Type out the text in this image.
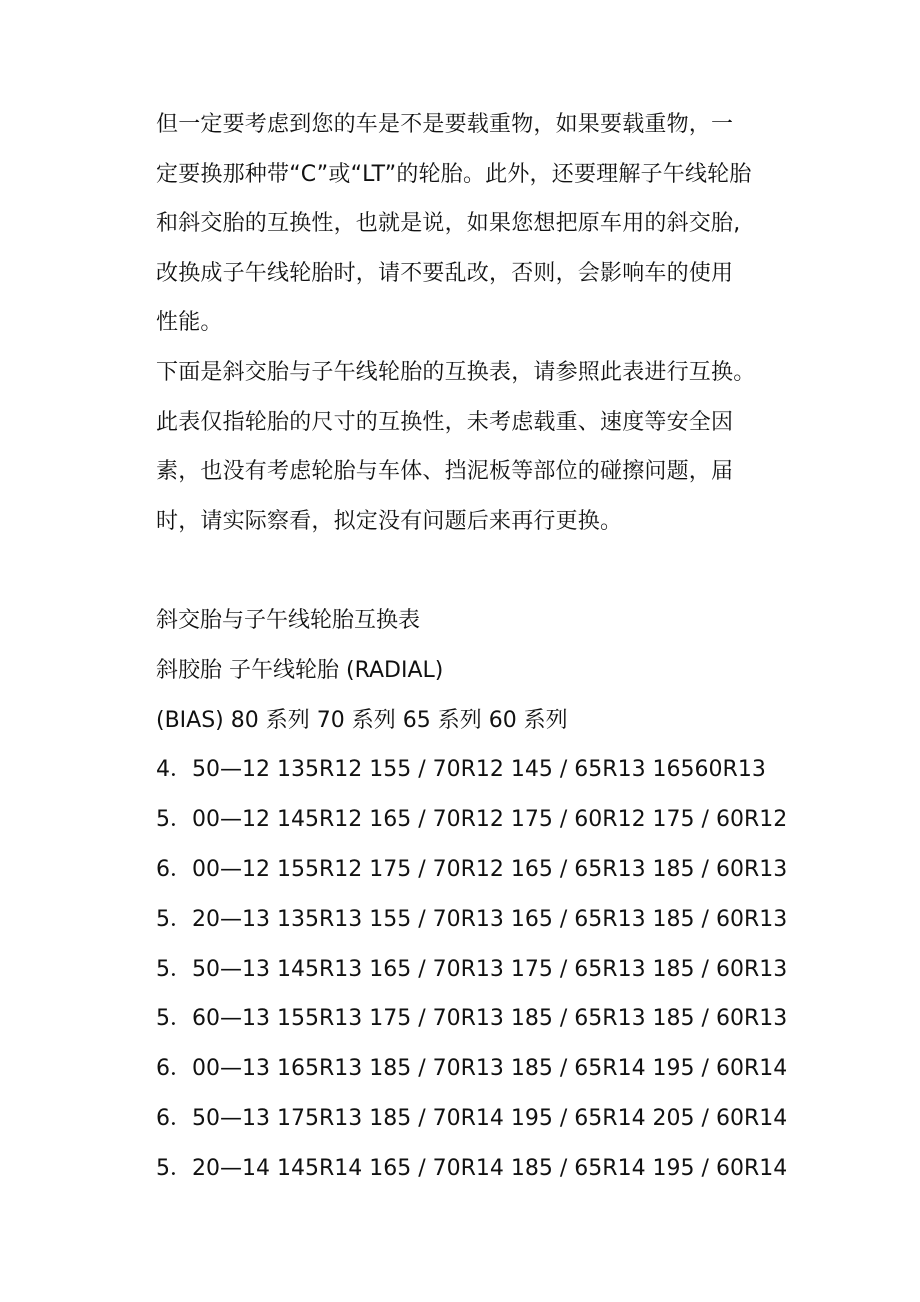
但一定要考虑到您的车是不是要载重物，如果要载重物，一
定要换那种带“C”或“LT”的轮胎。此外，还要理解子午线轮胎
和斜交胎的互换性，也就是说，如果您想把原车用的斜交胎,
改换成子午线轮胎时，请不要乱改，否则，会影响车的使用
性能。
下面是斜交胎与子午线轮胎的互换表，请参照此表进行互换。
此表仅指轮胎的尺寸的互换性，未考虑载重、速度等安全因
素，也没有考虑轮胎与车体、挡泥板等部位的碰擦问题，届
时，请实际察看，拟定没有问题后来再行更换。
斜交胎与子午线轮胎互换表
斜胶胎 子午线轮胎 (RADIAL)
(BIAS) 80 系列 70 系列 65 系列 60 系列
4．50—12 135R12 155 / 70R12 145 / 65R13 16560R13
5．00—12 145R12 165 / 70R12 175 / 60R12 175 / 60R12
6．00—12 155R12 175 / 70R12 165 / 65R13 185 / 60R13
5．20—13 135R13 155 / 70R13 165 / 65R13 185 / 60R13
5．50—13 145R13 165 / 70R13 175 / 65R13 185 / 60R13
5．60—13 155R13 175 / 70R13 185 / 65R13 185 / 60R13
6．00—13 165R13 185 / 70R13 185 / 65R14 195 / 60R14
6．50—13 175R13 185 / 70R14 195 / 65R14 205 / 60R14
5．20—14 145R14 165 / 70R14 185 / 65R14 195 / 60R14
